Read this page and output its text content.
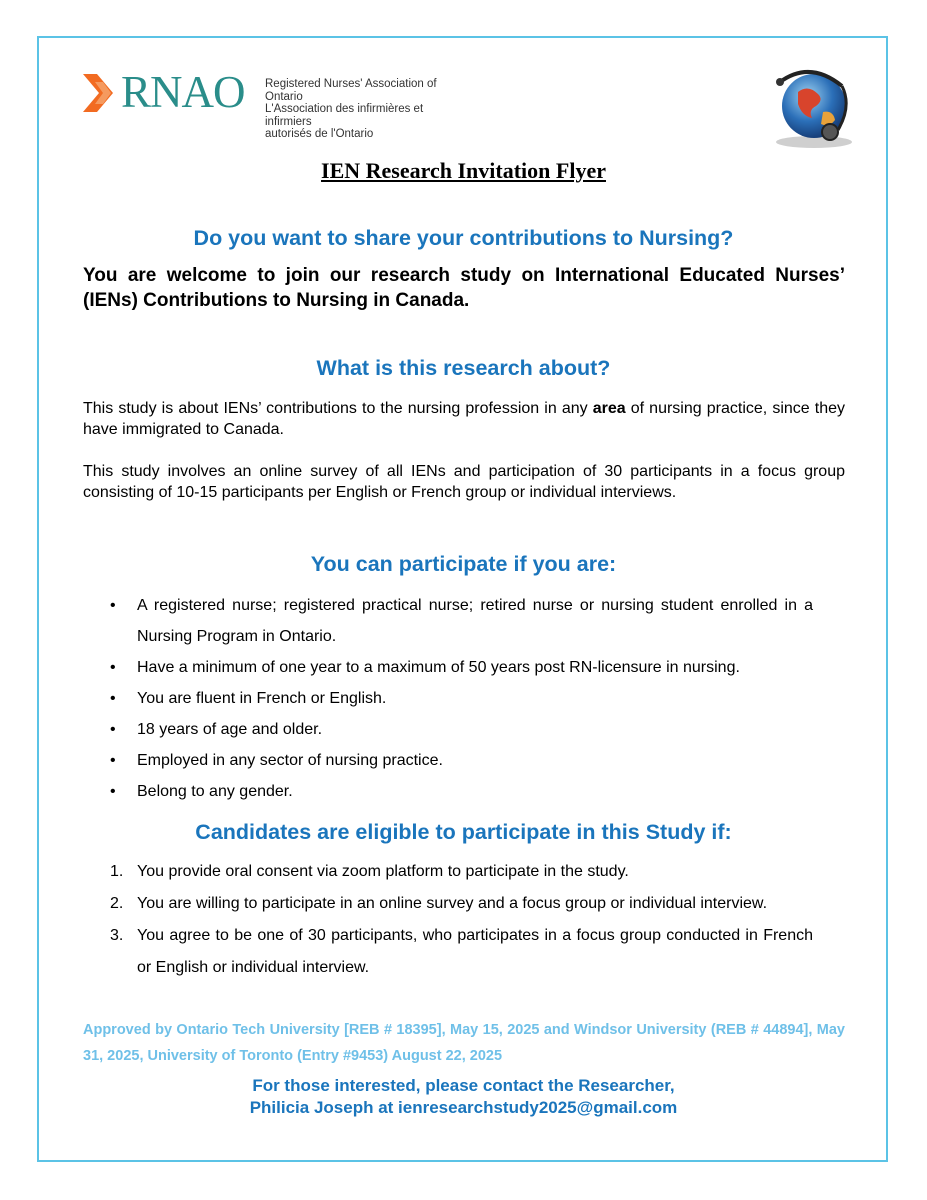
RNAO Registered Nurses' Association of Ontario
L'Association des infirmières et infirmiers
autorisés de l'Ontario
IEN Research Invitation Flyer
Do you want to share your contributions to Nursing?
You are welcome to join our research study on International Educated Nurses’ (IENs) Contributions to Nursing in Canada.
What is this research about?
This study is about IENs’ contributions to the nursing profession in any area of nursing practice, since they have immigrated to Canada.
This study involves an online survey of all IENs and participation of 30 participants in a focus group consisting of 10-15 participants per English or French group or individual interviews.
You can participate if you are:
• A registered nurse; registered practical nurse; retired nurse or nursing student enrolled in a Nursing Program in Ontario.
• Have a minimum of one year to a maximum of 50 years post RN-licensure in nursing.
• You are fluent in French or English.
• 18 years of age and older.
• Employed in any sector of nursing practice.
• Belong to any gender.
Candidates are eligible to participate in this Study if:
1. You provide oral consent via zoom platform to participate in the study.
2. You are willing to participate in an online survey and a focus group or individual interview.
3. You agree to be one of 30 participants, who participates in a focus group conducted in French or English or individual interview.
Approved by Ontario Tech University [REB # 18395], May 15, 2025 and Windsor University (REB # 44894], May 31, 2025, University of Toronto (Entry #9453) August 22, 2025
For those interested, please contact the Researcher,
Philicia Joseph at ienresearchstudy2025@gmail.com
